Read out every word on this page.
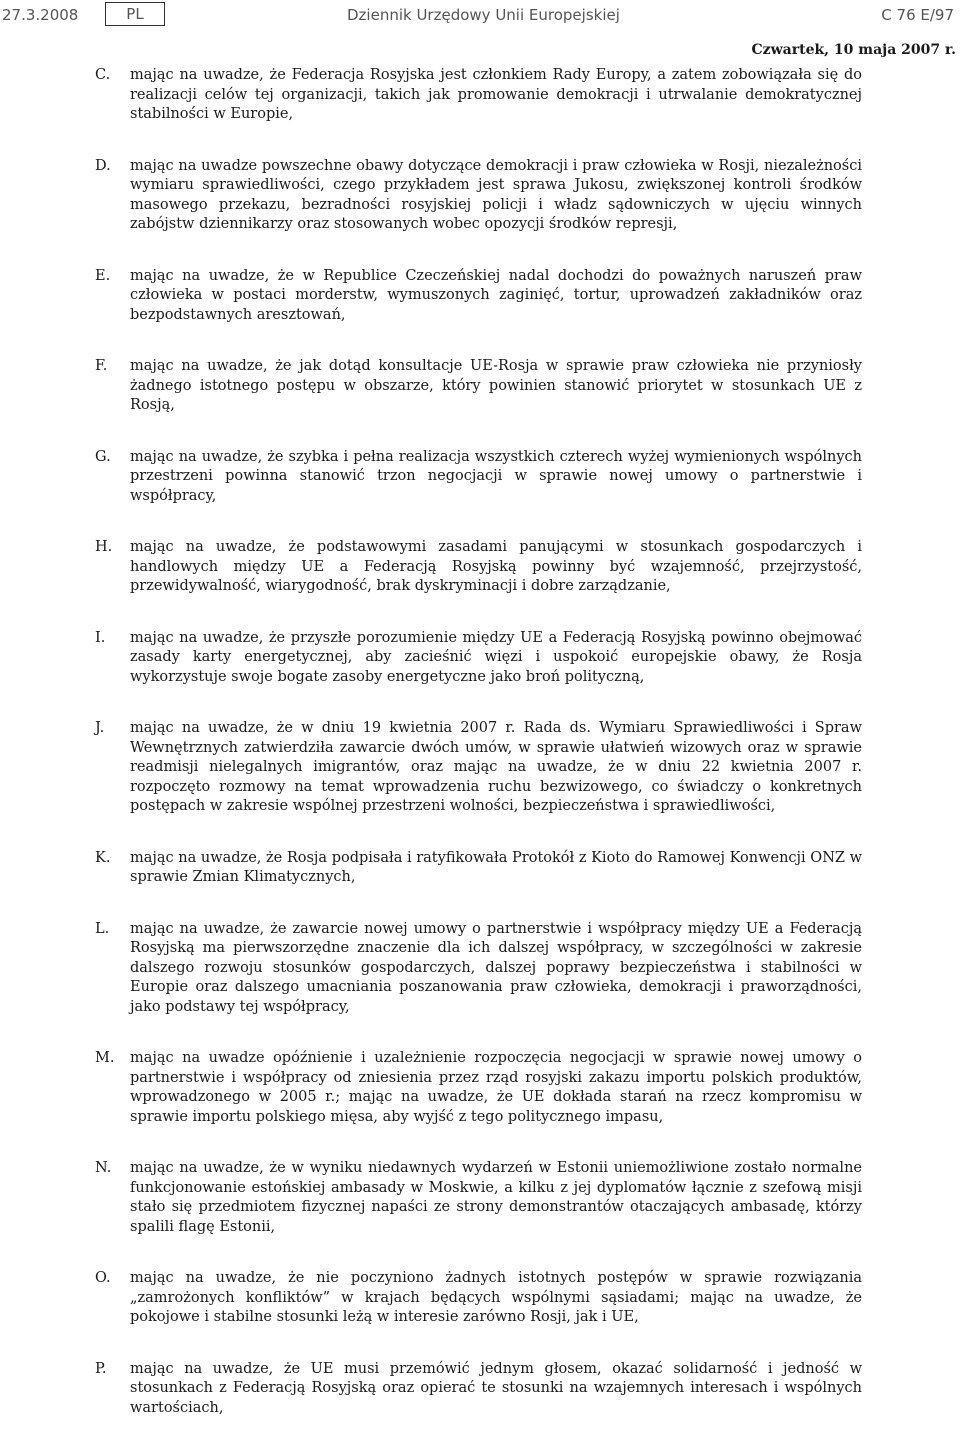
27.3.2008	PL	Dziennik Urzędowy Unii Europejskiej	C 76 E/97
Czwartek, 10 maja 2007 r.
C.	mając na uwadze, że Federacja Rosyjska jest członkiem Rady Europy, a zatem zobowiązała się do realizacji celów tej organizacji, takich jak promowanie demokracji i utrwalanie demokratycznej stabilności w Europie,
D.	mając na uwadze powszechne obawy dotyczące demokracji i praw człowieka w Rosji, niezależności wymiaru sprawiedliwości, czego przykładem jest sprawa Jukosu, zwiększonej kontroli środków masowego przekazu, bezradności rosyjskiej policji i władz sądowniczych w ujęciu winnych zabójstw dziennikarzy oraz stosowanych wobec opozycji środków represji,
E.	mając na uwadze, że w Republice Czeczeńskiej nadal dochodzi do poważnych naruszeń praw człowieka w postaci morderstw, wymuszonych zaginięć, tortur, uprowadzeń zakładników oraz bezpodstawnych aresztowań,
F.	mając na uwadze, że jak dotąd konsultacje UE-Rosja w sprawie praw człowieka nie przyniosły żadnego istotnego postępu w obszarze, który powinien stanowić priorytet w stosunkach UE z Rosją,
G.	mając na uwadze, że szybka i pełna realizacja wszystkich czterech wyżej wymienionych wspólnych przestrzeni powinna stanowić trzon negocjacji w sprawie nowej umowy o partnerstwie i współpracy,
H.	mając na uwadze, że podstawowymi zasadami panującymi w stosunkach gospodarczych i handlowych między UE a Federacją Rosyjską powinny być wzajemność, przejrzystość, przewidywalność, wiarygodność, brak dyskryminacji i dobre zarządzanie,
I.	mając na uwadze, że przyszłe porozumienie między UE a Federacją Rosyjską powinno obejmować zasady karty energetycznej, aby zacieśnić więzi i uspokoić europejskie obawy, że Rosja wykorzystuje swoje bogate zasoby energetyczne jako broń polityczną,
J.	mając na uwadze, że w dniu 19 kwietnia 2007 r. Rada ds. Wymiaru Sprawiedliwości i Spraw Wewnętrznych zatwierdziła zawarcie dwóch umów, w sprawie ułatwień wizowych oraz w sprawie readmisji nielegalnych imigrantów, oraz mając na uwadze, że w dniu 22 kwietnia 2007 r. rozpoczęto rozmowy na temat wprowadzenia ruchu bezwizowego, co świadczy o konkretnych postępach w zakresie wspólnej przestrzeni wolności, bezpieczeństwa i sprawiedliwości,
K.	mając na uwadze, że Rosja podpisała i ratyfikowała Protokół z Kioto do Ramowej Konwencji ONZ w sprawie Zmian Klimatycznych,
L.	mając na uwadze, że zawarcie nowej umowy o partnerstwie i współpracy między UE a Federacją Rosyjską ma pierwszorzędne znaczenie dla ich dalszej współpracy, w szczególności w zakresie dalszego rozwoju stosunków gospodarczych, dalszej poprawy bezpieczeństwa i stabilności w Europie oraz dalszego umacniania poszanowania praw człowieka, demokracji i praworządności, jako podstawy tej współpracy,
M.	mając na uwadze opóźnienie i uzależnienie rozpoczęcia negocjacji w sprawie nowej umowy o partnerstwie i współpracy od zniesienia przez rząd rosyjski zakazu importu polskich produktów, wprowadzonego w 2005 r.; mając na uwadze, że UE dokłada starań na rzecz kompromisu w sprawie importu polskiego mięsa, aby wyjść z tego politycznego impasu,
N.	mając na uwadze, że w wyniku niedawnych wydarzeń w Estonii uniemożliwione zostało normalne funkcjonowanie estońskiej ambasady w Moskwie, a kilku z jej dyplomatów łącznie z szefową misji stało się przedmiotem fizycznej napaści ze strony demonstrantów otaczających ambasadę, którzy spalili flagę Estonii,
O.	mając na uwadze, że nie poczyniono żadnych istotnych postępów w sprawie rozwiązania „zamrożonych konfliktów” w krajach będących wspólnymi sąsiadami; mając na uwadze, że pokojowe i stabilne stosunki leżą w interesie zarówno Rosji, jak i UE,
P.	mając na uwadze, że UE musi przemówić jednym głosem, okazać solidarność i jedność w stosunkach z Federacją Rosyjską oraz opierać te stosunki na wzajemnych interesach i wspólnych wartościach,
